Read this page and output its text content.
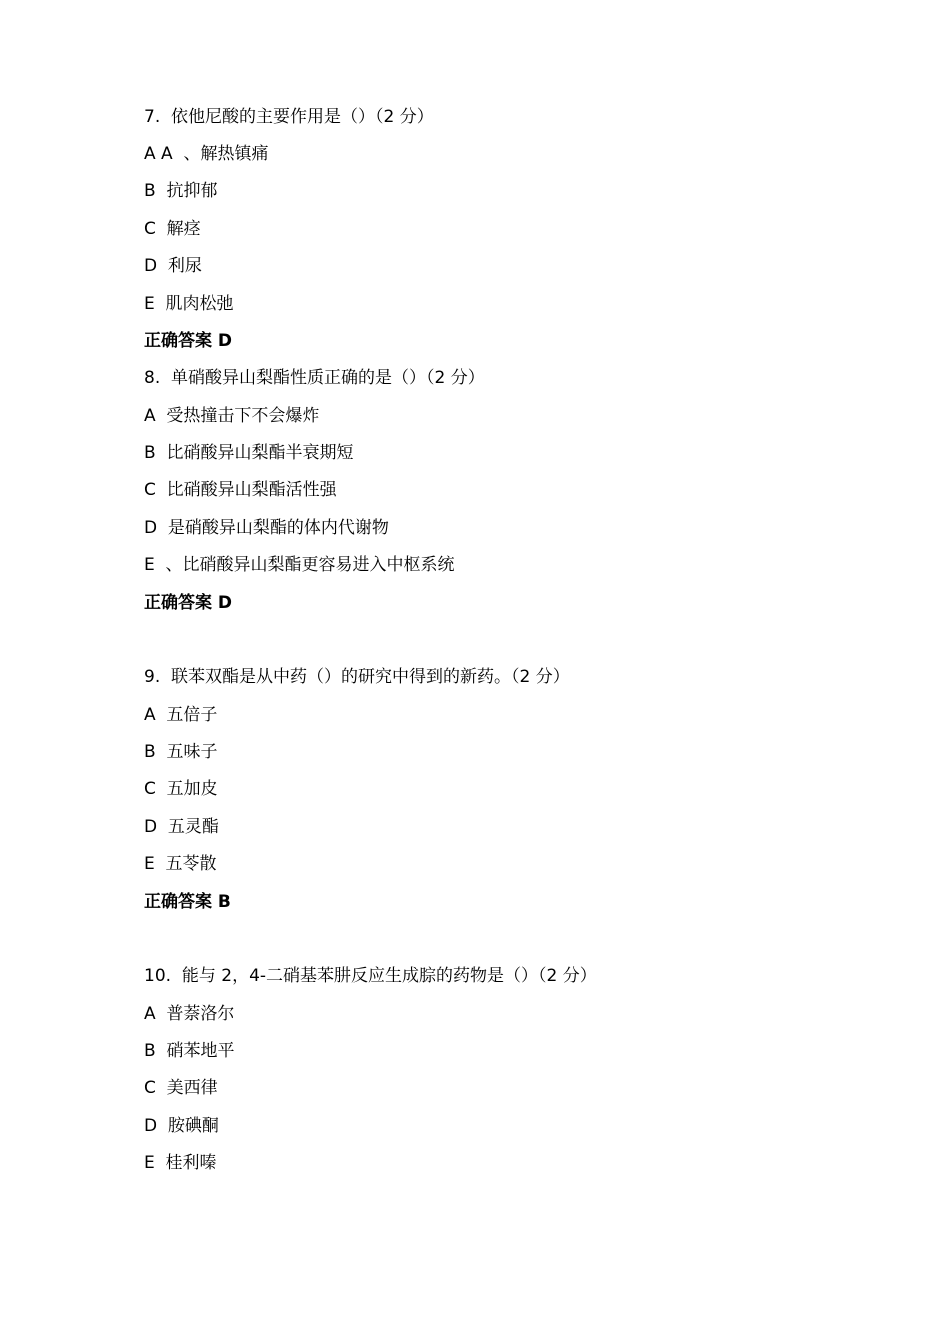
7.  依他尼酸的主要作用是（）（2 分）
A A  、解热镇痛
B  抗抑郁
C  解痉
D  利尿
E  肌肉松弛
正确答案 D
8.  单硝酸异山梨酯性质正确的是（）（2 分）
A  受热撞击下不会爆炸
B  比硝酸异山梨酯半衰期短
C  比硝酸异山梨酯活性强
D  是硝酸异山梨酯的体内代谢物
E  、比硝酸异山梨酯更容易进入中枢系统
正确答案 D
9.  联苯双酯是从中药（）的研究中得到的新药。（2 分）
A  五倍子
B  五味子
C  五加皮
D  五灵酯
E  五苓散
正确答案 B
10.  能与 2，4-二硝基苯肼反应生成腙的药物是（）（2 分）
A  普萘洛尔
B  硝苯地平
C  美西律
D  胺碘酮
E  桂利嗪
